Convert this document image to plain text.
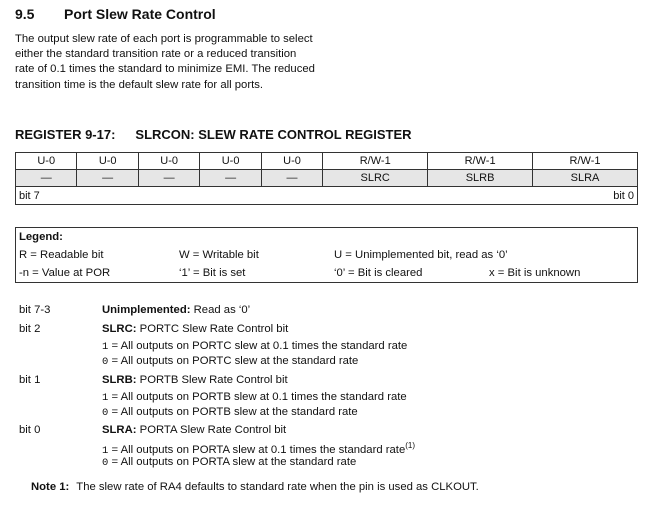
9.5 Port Slew Rate Control
The output slew rate of each port is programmable to select either the standard transition rate or a reduced transition rate of 0.1 times the standard to minimize EMI. The reduced transition time is the default slew rate for all ports.
REGISTER 9-17: SLRCON: SLEW RATE CONTROL REGISTER
U-0	U-0	U-0	U-0	U-0	R/W-1	R/W-1	R/W-1
—	—	—	—	—	SLRC	SLRB	SLRA

bit 7 bit 0							
Legend:
R = Readable bit	W = Writable bit	U = Unimplemented bit, read as ‘0’
-n = Value at POR	‘1’ = Bit is set	‘0’ = Bit is cleared	x = Bit is unknown
bit 7-3	Unimplemented: Read as ‘0’
bit 2	SLRC: PORTC Slew Rate Control bit
1 = All outputs on PORTC slew at 0.1 times the standard rate
0 = All outputs on PORTC slew at the standard rate
bit 1	SLRB: PORTB Slew Rate Control bit
1 = All outputs on PORTB slew at 0.1 times the standard rate
0 = All outputs on PORTB slew at the standard rate
bit 0	SLRA: PORTA Slew Rate Control bit
1 = All outputs on PORTA slew at 0.1 times the standard rate$^{(1)}$
0 = All outputs on PORTA slew at the standard rate
Note 1: The slew rate of RA4 defaults to standard rate when the pin is used as CLKOUT.
